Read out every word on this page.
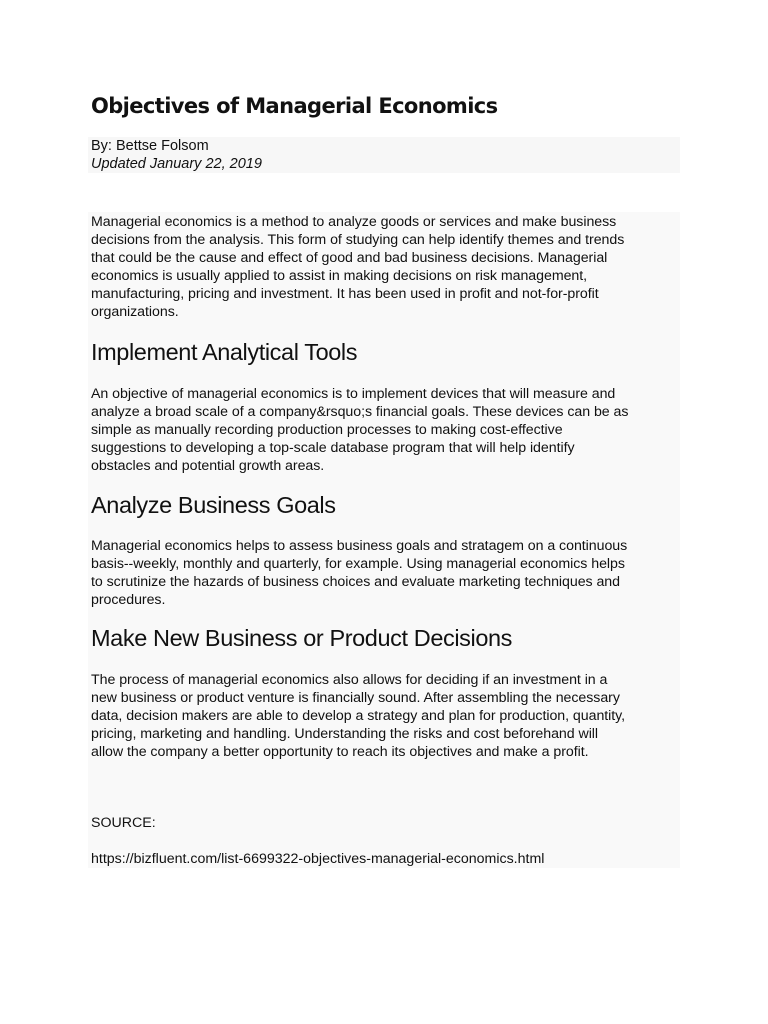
Objectives of Managerial Economics
By: Bettse Folsom
Updated January 22, 2019
Managerial economics is a method to analyze goods or services and make business
decisions from the analysis. This form of studying can help identify themes and trends
that could be the cause and effect of good and bad business decisions. Managerial
economics is usually applied to assist in making decisions on risk management,
manufacturing, pricing and investment. It has been used in profit and not-for-profit
organizations.
Implement Analytical Tools
An objective of managerial economics is to implement devices that will measure and
analyze a broad scale of a company&rsquo;s financial goals. These devices can be as
simple as manually recording production processes to making cost-effective
suggestions to developing a top-scale database program that will help identify
obstacles and potential growth areas.
Analyze Business Goals
Managerial economics helps to assess business goals and stratagem on a continuous
basis--weekly, monthly and quarterly, for example. Using managerial economics helps
to scrutinize the hazards of business choices and evaluate marketing techniques and
procedures.
Make New Business or Product Decisions
The process of managerial economics also allows for deciding if an investment in a
new business or product venture is financially sound. After assembling the necessary
data, decision makers are able to develop a strategy and plan for production, quantity,
pricing, marketing and handling. Understanding the risks and cost beforehand will
allow the company a better opportunity to reach its objectives and make a profit.
SOURCE:
https://bizfluent.com/list-6699322-objectives-managerial-economics.html
